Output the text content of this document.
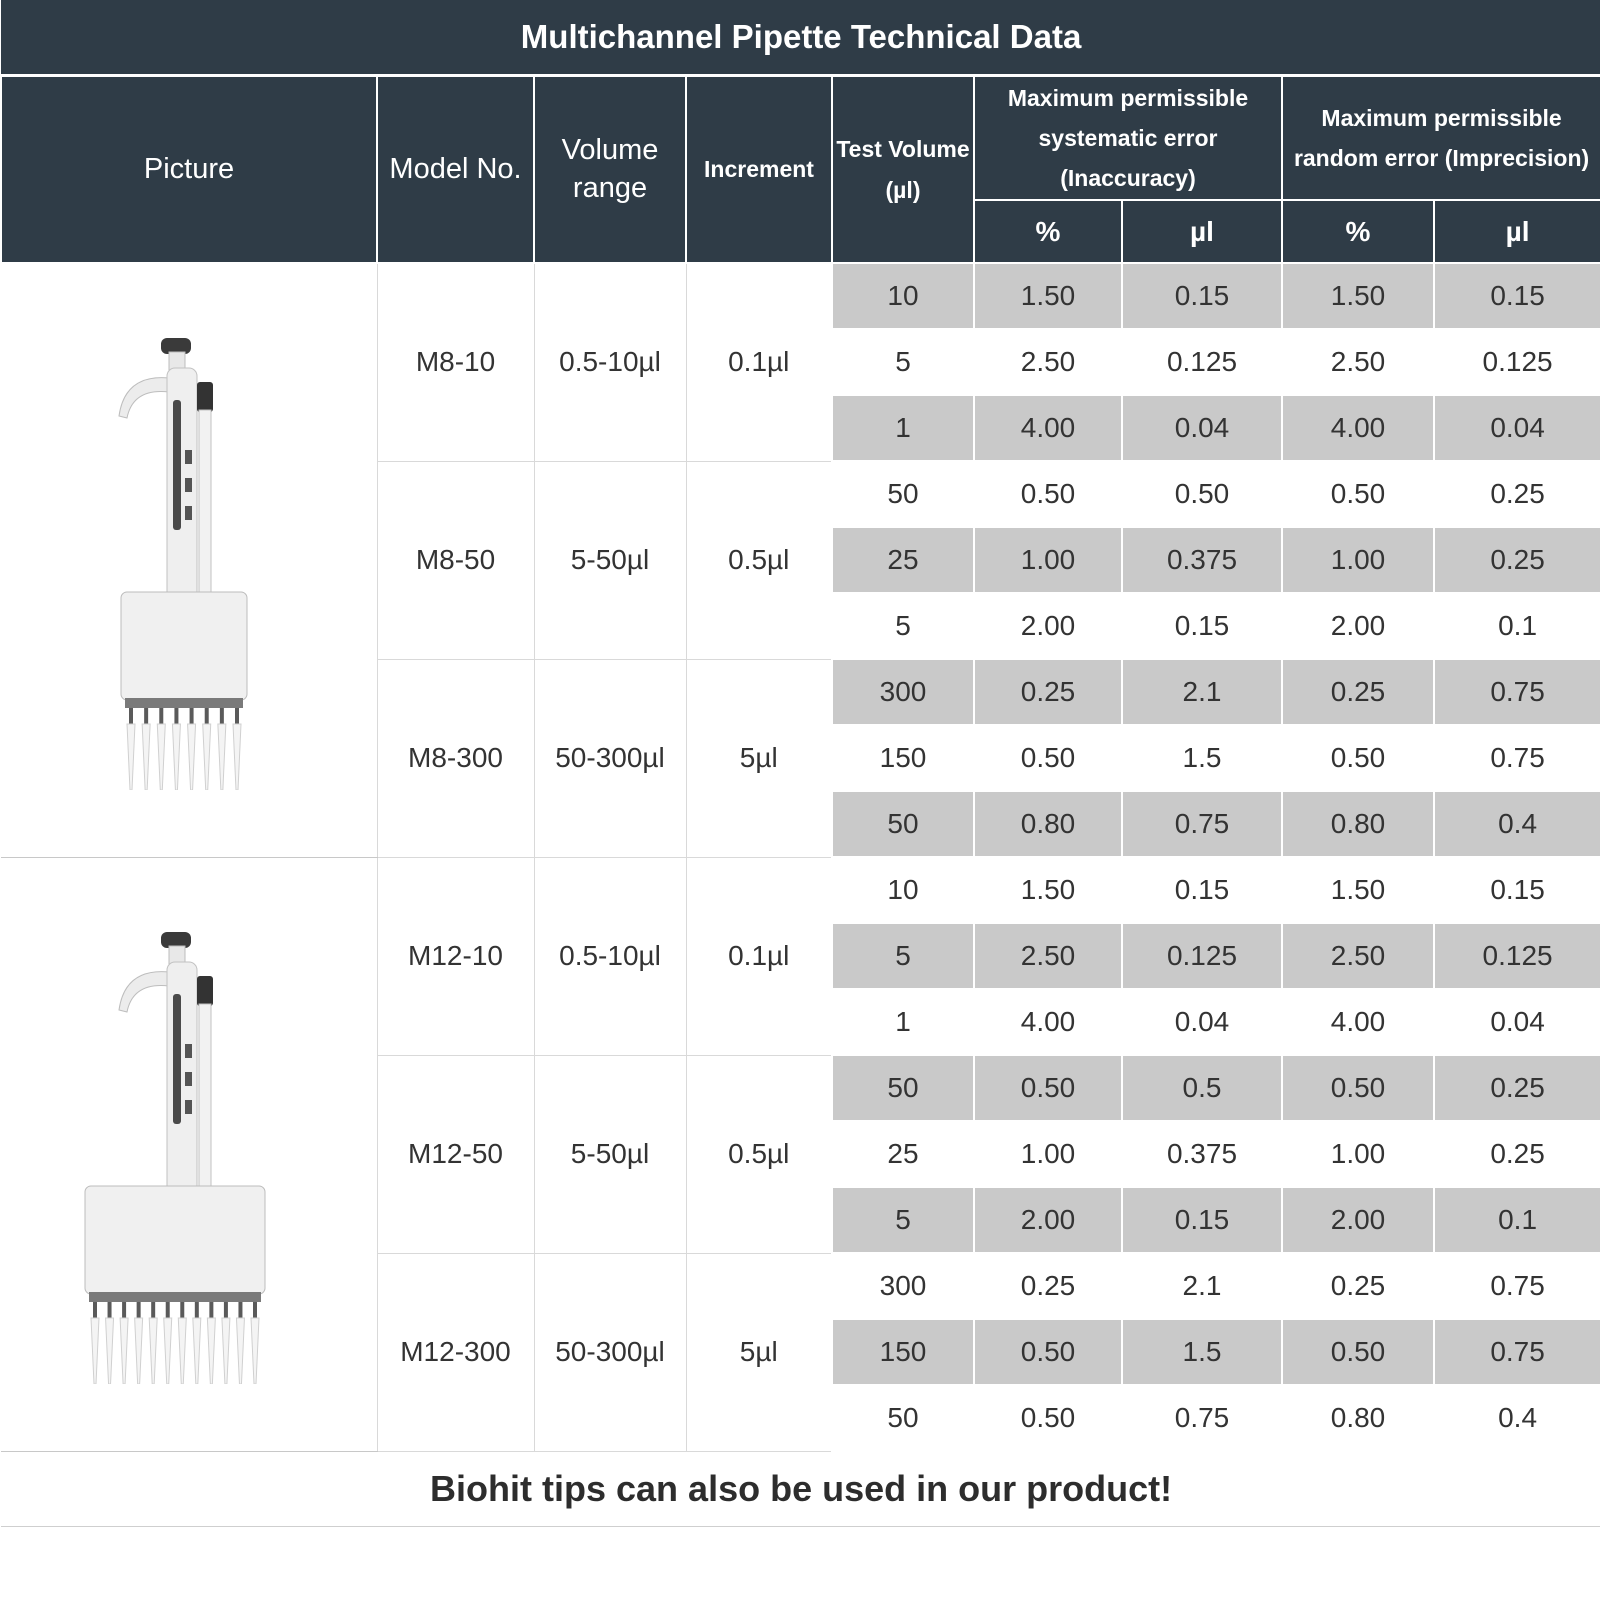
Multichannel Pipette Technical Data								
Picture	Model No.	Volume range	Increment	Test Volume (µl)	Maximum permissible systematic error (Inaccuracy)		Maximum permissible random error (Imprecision)	
					%	µl	%	µl

	M8-10	0.5-10µl	0.1µl	10	1.50	0.15	1.50	0.15
				5	2.50	0.125	2.50	0.125
				1	4.00	0.04	4.00	0.04
	M8-50	5-50µl	0.5µl	50	0.50	0.50	0.50	0.25
				25	1.00	0.375	1.00	0.25
				5	2.00	0.15	2.00	0.1
	M8-300	50-300µl	5µl	300	0.25	2.1	0.25	0.75
				150	0.50	1.5	0.50	0.75
				50	0.80	0.75	0.80	0.4

	M12-10	0.5-10µl	0.1µl	10	1.50	0.15	1.50	0.15
				5	2.50	0.125	2.50	0.125
				1	4.00	0.04	4.00	0.04
	M12-50	5-50µl	0.5µl	50	0.50	0.5	0.50	0.25
				25	1.00	0.375	1.00	0.25
				5	2.00	0.15	2.00	0.1
	M12-300	50-300µl	5µl	300	0.25	2.1	0.25	0.75
				150	0.50	1.5	0.50	0.75
				50	0.50	0.75	0.80	0.4
Biohit tips can also be used in our product!								
